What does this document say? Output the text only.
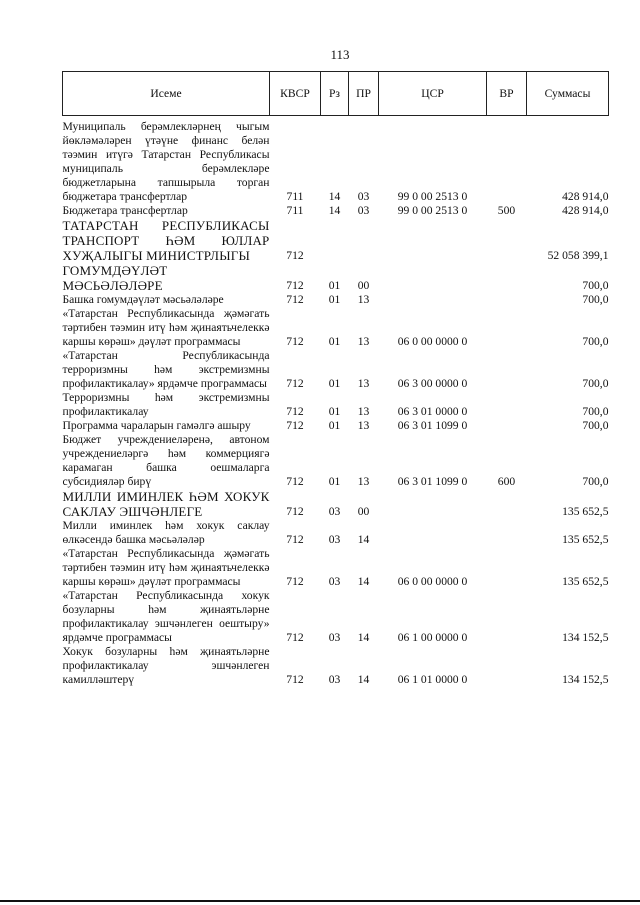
113
Исеме	КВСР	Рз	ПР	ЦСР	ВР	Суммасы
Муниципаль берәмлекләрнең чыгым йөкләмәләрен үтәүне финанс белән тәэмин итүгә Татарстан Республикасы муниципаль берәмлекләре бюджетларына тапшырыла торган бюджетара трансфертлар	711	14	03	99 0 00 2513 0		428 914,0
Бюджетара трансфертлар	711	14	03	99 0 00 2513 0	500	428 914,0
ТАТАРСТАН РЕСПУБЛИКАСЫ ТРАНСПОРТ ҺӘМ ЮЛЛАР ХУҖАЛЫГЫ МИНИСТРЛЫГЫ	712					52 058 399,1
ГОМУМДӘҮЛӘТ МӘСЬӘЛӘЛӘРЕ	712	01	00			700,0
Башка гомумдәүләт мәсьәләләре	712	01	13			700,0
«Татарстан Республикасында җәмәгать тәртибен тәэмин итү һәм җинаятьчелеккә каршы көрәш» дәүләт программасы	712	01	13	06 0 00 0000 0		700,0
«Татарстан Республикасында терроризмны һәм экстремизмны профилактикалау» ярдәмче программасы	712	01	13	06 3 00 0000 0		700,0
Терроризмны һәм экстремизмны профилактикалау	712	01	13	06 3 01 0000 0		700,0
Программа чараларын гамәлгә ашыру	712	01	13	06 3 01 1099 0		700,0
Бюджет учреждениеләренә, автоном учреждениеләргә һәм коммерциягә карамаган башка оешмаларга субсидияләр бирү	712	01	13	06 3 01 1099 0	600	700,0
МИЛЛИ ИМИНЛЕК ҺӘМ ХОКУК САКЛАУ ЭШЧӘНЛЕГЕ	712	03	00			135 652,5
Милли иминлек һәм хокук саклау өлкәсендә башка мәсьәләләр	712	03	14			135 652,5
«Татарстан Республикасында җәмәгать тәртибен тәэмин итү һәм җинаятьчелеккә каршы көрәш» дәүләт программасы	712	03	14	06 0 00 0000 0		135 652,5
«Татарстан Республикасында хокук бозуларны һәм җинаятьләрне профилактикалау эшчәнлеген оештыру» ярдәмче программасы	712	03	14	06 1 00 0000 0		134 152,5
Хокук бозуларны һәм җинаятьләрне профилактикалау эшчәнлеген камилләштерү	712	03	14	06 1 01 0000 0		134 152,5
